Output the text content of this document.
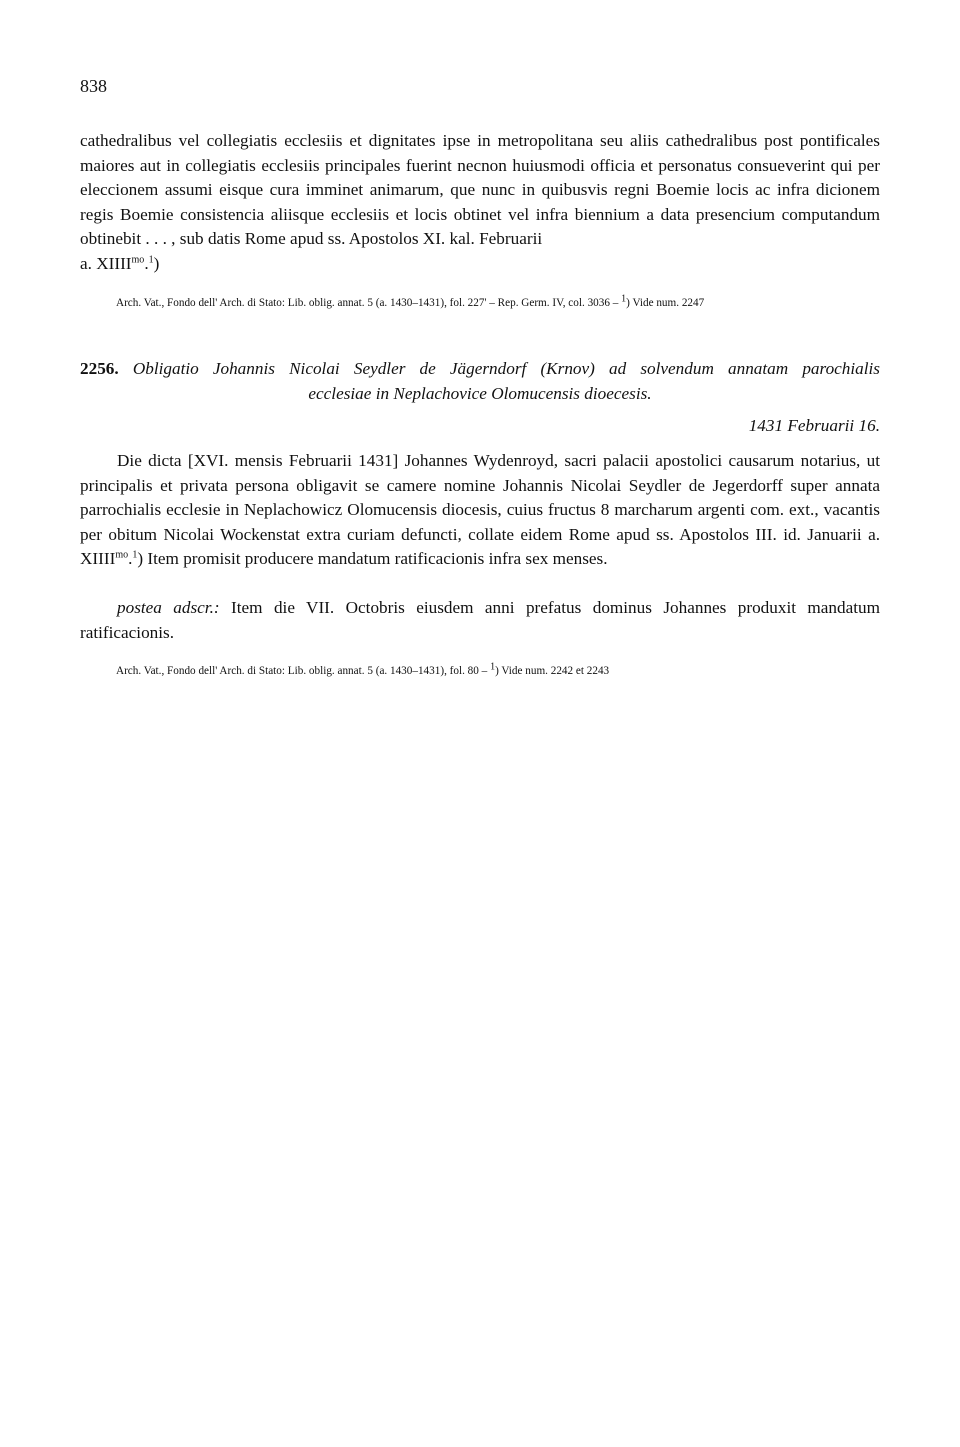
838
cathedralibus vel collegiatis ecclesiis et dignitates ipse in metropolitana seu aliis cathedralibus post pontificales maiores aut in collegiatis ecclesiis principales fuerint necnon huiusmodi officia et personatus consueverint qui per eleccionem assumi eisque cura imminet animarum, que nunc in quibusvis regni Boemie locis ac infra dicionem regis Boemie consistencia aliisque ecclesiis et locis obtinet vel infra biennium a data presencium computandum obtinebit . . . , sub datis Rome apud ss. Apostolos XI. kal. Februarii
a. $XIIII^{mo}.^1$)
Arch. Vat., Fondo dell' Arch. di Stato: Lib. oblig. annat. 5 (a. 1430–1431), fol. 227' – Rep. Germ. IV, col. 3036 – $^1$) Vide num. 2247
2256. Obligatio Johannis Nicolai Seydler de Jägerndorf (Krnov) ad solvendum annatam parochialis
ecclesiae in Neplachovice Olomucensis dioecesis.
1431 Februarii 16.
Die dicta [XVI. mensis Februarii 1431] Johannes Wydenroyd, sacri palacii apostolici causarum notarius, ut principalis et privata persona obligavit se camere nomine Johannis Nicolai Seydler de Jegerdorff super annata parrochialis ecclesie in Neplachowicz Olomucensis diocesis, cuius fructus 8 marcharum argenti com. ext., vacantis per obitum Nicolai Wockenstat extra curiam defuncti, collate eidem Rome apud ss. Apostolos III. id. Januarii a. $XIIII^{mo}.^1$) Item promisit producere mandatum ratificacionis infra sex menses.
postea adscr.: Item die VII. Octobris eiusdem anni prefatus dominus Johannes produxit mandatum ratificacionis.
Arch. Vat., Fondo dell' Arch. di Stato: Lib. oblig. annat. 5 (a. 1430–1431), fol. 80 – $^1$) Vide num. 2242 et 2243
